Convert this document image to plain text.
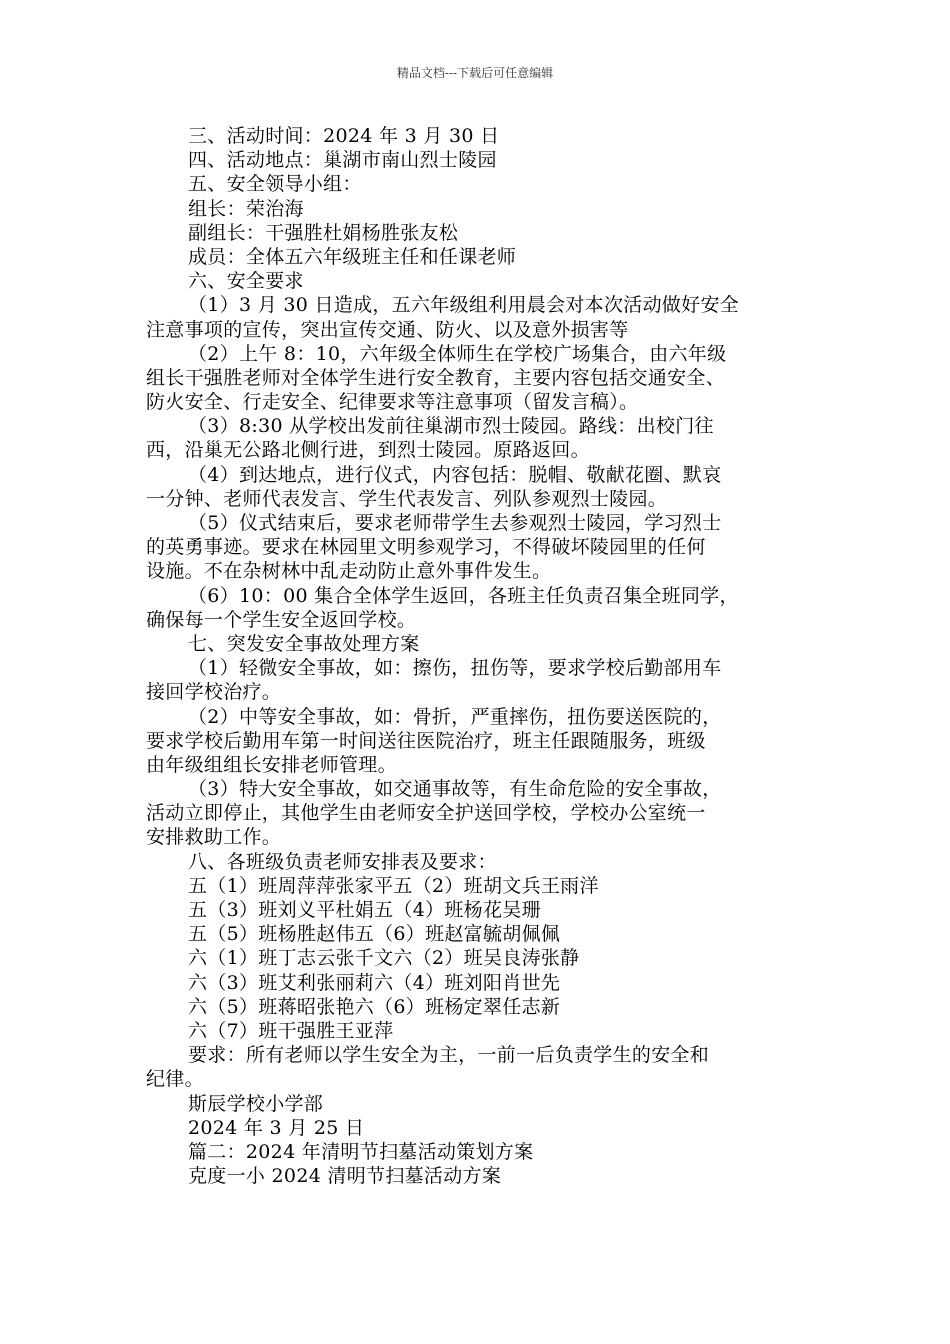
精品文档---下载后可任意编辑
三、活动时间：2024 年 3 月 30 日
四、活动地点：巢湖市南山烈士陵园
五、安全领导小组：
组长：荣治海
副组长：干强胜杜娟杨胜张友松
成员：全体五六年级班主任和任课老师
六、安全要求
（1）3 月 30 日造成，五六年级组利用晨会对本次活动做好安全
注意事项的宣传，突出宣传交通、防火、以及意外损害等
（2）上午 8：10，六年级全体师生在学校广场集合，由六年级
组长干强胜老师对全体学生进行安全教育，主要内容包括交通安全、
防火安全、行走安全、纪律要求等注意事项（留发言稿）。
（3）8:30 从学校出发前往巢湖市烈士陵园。路线：出校门往
西，沿巢无公路北侧行进，到烈士陵园。原路返回。
（4）到达地点，进行仪式，内容包括：脱帽、敬献花圈、默哀
一分钟、老师代表发言、学生代表发言、列队参观烈士陵园。
（5）仪式结束后，要求老师带学生去参观烈士陵园，学习烈士
的英勇事迹。要求在林园里文明参观学习，不得破坏陵园里的任何
设施。不在杂树林中乱走动防止意外事件发生。
（6）10：00 集合全体学生返回，各班主任负责召集全班同学，
确保每一个学生安全返回学校。
七、突发安全事故处理方案
（1）轻微安全事故，如：擦伤，扭伤等，要求学校后勤部用车
接回学校治疗。
（2）中等安全事故，如：骨折，严重摔伤，扭伤要送医院的，
要求学校后勤用车第一时间送往医院治疗，班主任跟随服务，班级
由年级组组长安排老师管理。
（3）特大安全事故，如交通事故等，有生命危险的安全事故，
活动立即停止，其他学生由老师安全护送回学校，学校办公室统一
安排救助工作。
八、各班级负责老师安排表及要求：
五（1）班周萍萍张家平五（2）班胡文兵王雨洋
五（3）班刘义平杜娟五（4）班杨花吴珊
五（5）班杨胜赵伟五（6）班赵富毓胡佩佩
六（1）班丁志云张千文六（2）班吴良涛张静
六（3）班艾利张丽莉六（4）班刘阳肖世先
六（5）班蒋昭张艳六（6）班杨定翠任志新
六（7）班干强胜王亚萍
要求：所有老师以学生安全为主，一前一后负责学生的安全和
纪律。
斯辰学校小学部
2024 年 3 月 25 日
篇二：2024 年清明节扫墓活动策划方案
克度一小 2024 清明节扫墓活动方案
